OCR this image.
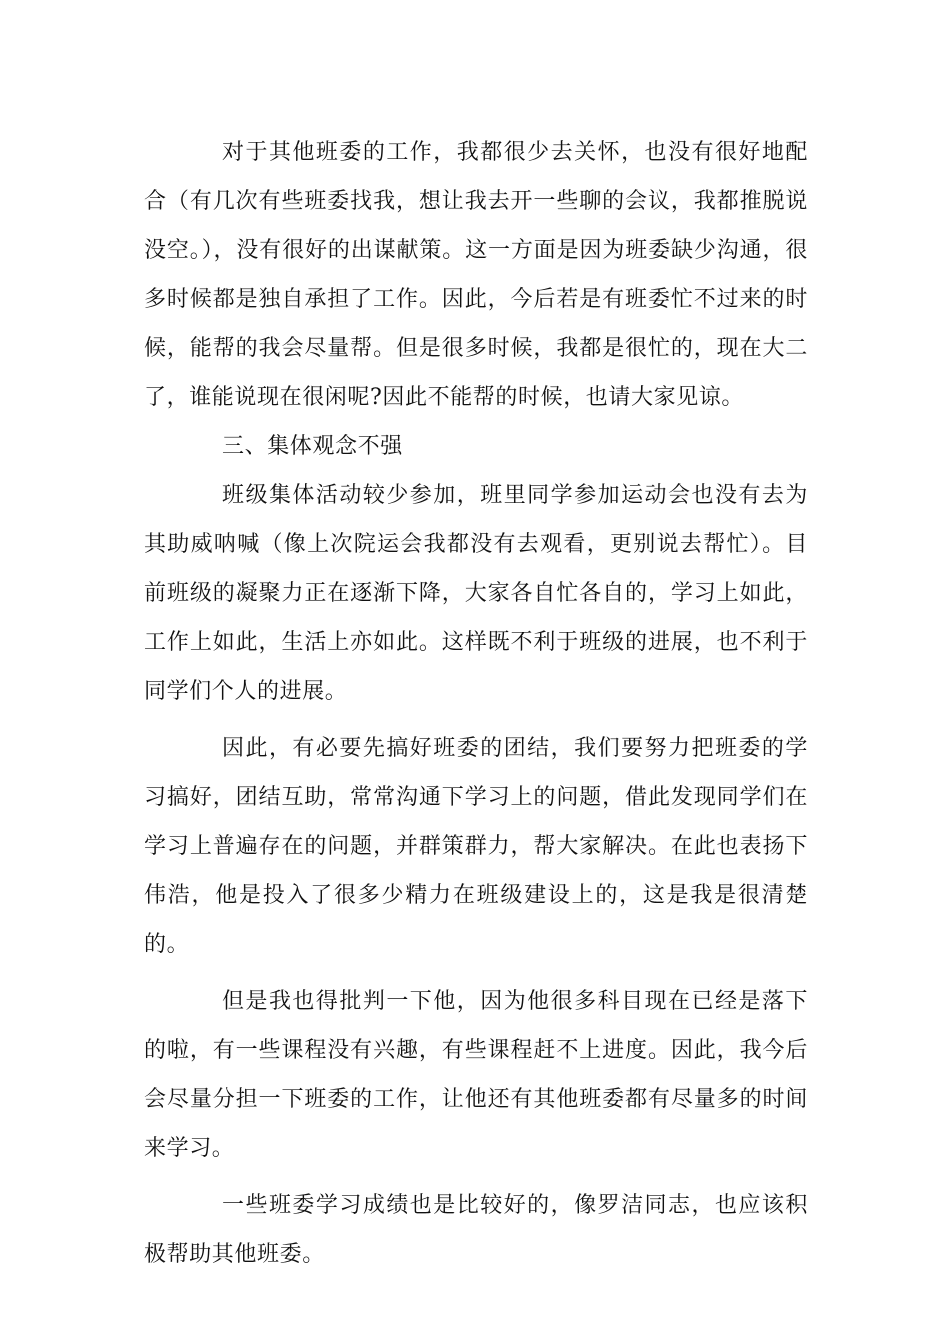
对于其他班委的工作，我都很少去关怀，也没有很好地配合（有几次有些班委找我，想让我去开一些聊的会议，我都推脱说没空。），没有很好的出谋献策。这一方面是因为班委缺少沟通，很多时候都是独自承担了工作。因此，今后若是有班委忙不过来的时候，能帮的我会尽量帮。但是很多时候，我都是很忙的，现在大二了，谁能说现在很闲呢?因此不能帮的时候，也请大家见谅。

三、集体观念不强

班级集体活动较少参加，班里同学参加运动会也没有去为其助威呐喊（像上次院运会我都没有去观看，更别说去帮忙）。目前班级的凝聚力正在逐渐下降，大家各自忙各自的，学习上如此，工作上如此，生活上亦如此。这样既不利于班级的进展，也不利于同学们个人的进展。

因此，有必要先搞好班委的团结，我们要努力把班委的学习搞好，团结互助，常常沟通下学习上的问题，借此发现同学们在学习上普遍存在的问题，并群策群力，帮大家解决。在此也表扬下伟浩，他是投入了很多少精力在班级建设上的，这是我是很清楚的。

但是我也得批判一下他，因为他很多科目现在已经是落下的啦，有一些课程没有兴趣，有些课程赶不上进度。因此，我今后会尽量分担一下班委的工作，让他还有其他班委都有尽量多的时间来学习。

一些班委学习成绩也是比较好的，像罗洁同志，也应该积极帮助其他班委。
